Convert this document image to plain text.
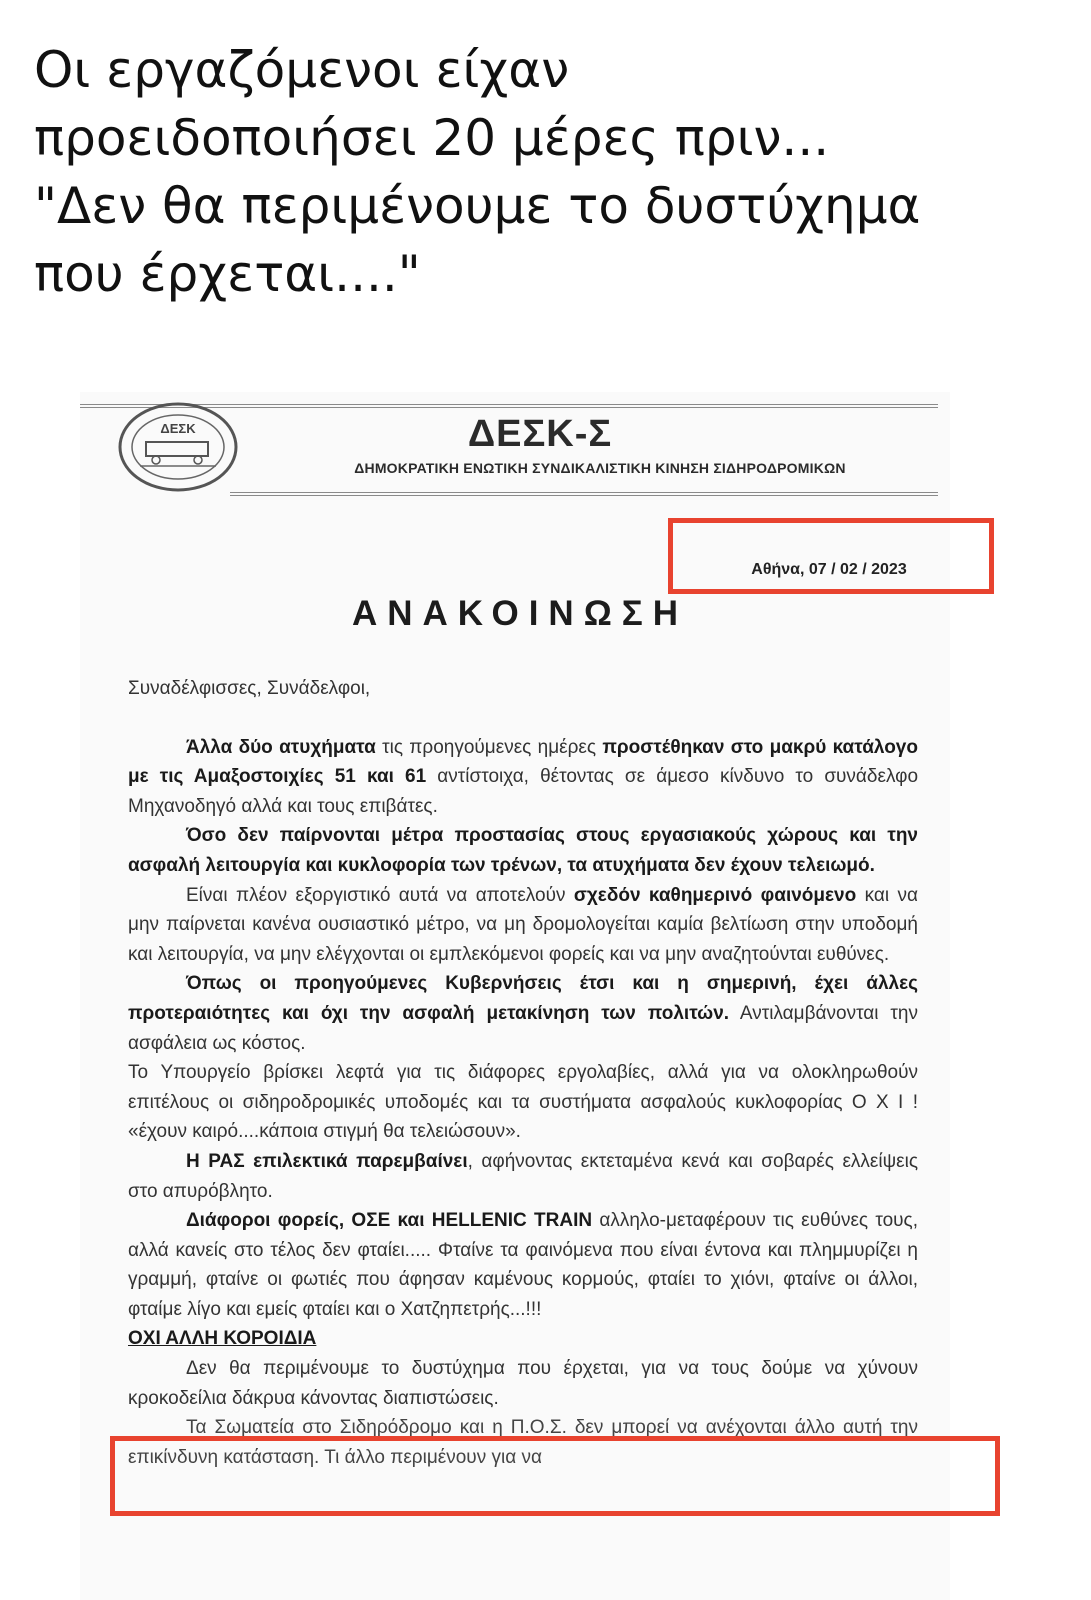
Οι εργαζόμενοι είχαν
προειδοποιήσει 20 μέρες πριν...
"Δεν θα περιμένουμε το δυστύχημα
που έρχεται...."
ΔΕΣΚ	ΔΕΣΚ-Σ
ΔΗΜΟΚΡΑΤΙΚΗ ΕΝΩΤΙΚΗ ΣΥΝΔΙΚΑΛΙΣΤΙΚΗ ΚΙΝΗΣΗ ΣΙΔΗΡΟΔΡΟΜΙΚΩΝ
Αθήνα, 07 / 02 / 2023
ΑΝΑΚΟΙΝΩΣΗ

Συναδέλφισσες, Συνάδελφοι,

Άλλα δύο ατυχήματα τις προηγούμενες ημέρες προστέθηκαν στο μακρύ κατάλογο με τις Αμαξοστοιχίες 51 και 61 αντίστοιχα, θέτοντας σε άμεσο κίνδυνο το συνάδελφο Μηχανοδηγό αλλά και τους επιβάτες.

Όσο δεν παίρνονται μέτρα προστασίας στους εργασιακούς χώρους και την ασφαλή λειτουργία και κυκλοφορία των τρένων, τα ατυχήματα δεν έχουν τελειωμό.

Είναι πλέον εξοργιστικό αυτά να αποτελούν σχεδόν καθημερινό φαινόμενο και να μην παίρνεται κανένα ουσιαστικό μέτρο, να μη δρομολογείται καμία βελτίωση στην υποδομή και λειτουργία, να μην ελέγχονται οι εμπλεκόμενοι φορείς και να μην αναζητούνται ευθύνες.

Όπως οι προηγούμενες Κυβερνήσεις έτσι και η σημερινή, έχει άλλες προτεραιότητες και όχι την ασφαλή μετακίνηση των πολιτών. Αντιλαμβάνονται την ασφάλεια ως κόστος.

Το Υπουργείο βρίσκει λεφτά για τις διάφορες εργολαβίες, αλλά για να ολοκληρωθούν επιτέλους οι σιδηροδρομικές υποδομές και τα συστήματα ασφαλούς κυκλοφορίας Ο Χ Ι ! «έχουν καιρό....κάποια στιγμή θα τελειώσουν».

Η ΡΑΣ επιλεκτικά παρεμβαίνει, αφήνοντας εκτεταμένα κενά και σοβαρές ελλείψεις στο απυρόβλητο.

Διάφοροι φορείς, ΟΣΕ και HELLENIC TRAIN αλληλο-μεταφέρουν τις ευθύνες τους, αλλά κανείς στο τέλος δεν φταίει..... Φταίνε τα φαινόμενα που είναι έντονα και πλημμυρίζει η γραμμή, φταίνε οι φωτιές που άφησαν καμένους κορμούς, φταίει το χιόνι, φταίνε οι άλλοι, φταίμε λίγο και εμείς φταίει και ο Χατζηπετρής...!!!

ΟΧΙ ΑΛΛΗ ΚΟΡΟΙΔΙΑ

Δεν θα περιμένουμε το δυστύχημα που έρχεται, για να τους δούμε να χύνουν κροκοδείλια δάκρυα κάνοντας διαπιστώσεις.

Τα Σωματεία στο Σιδηρόδρομο και η Π.Ο.Σ. δεν μπορεί να ανέχονται άλλο αυτή την επικίνδυνη κατάσταση. Τι άλλο περιμένουν για να
